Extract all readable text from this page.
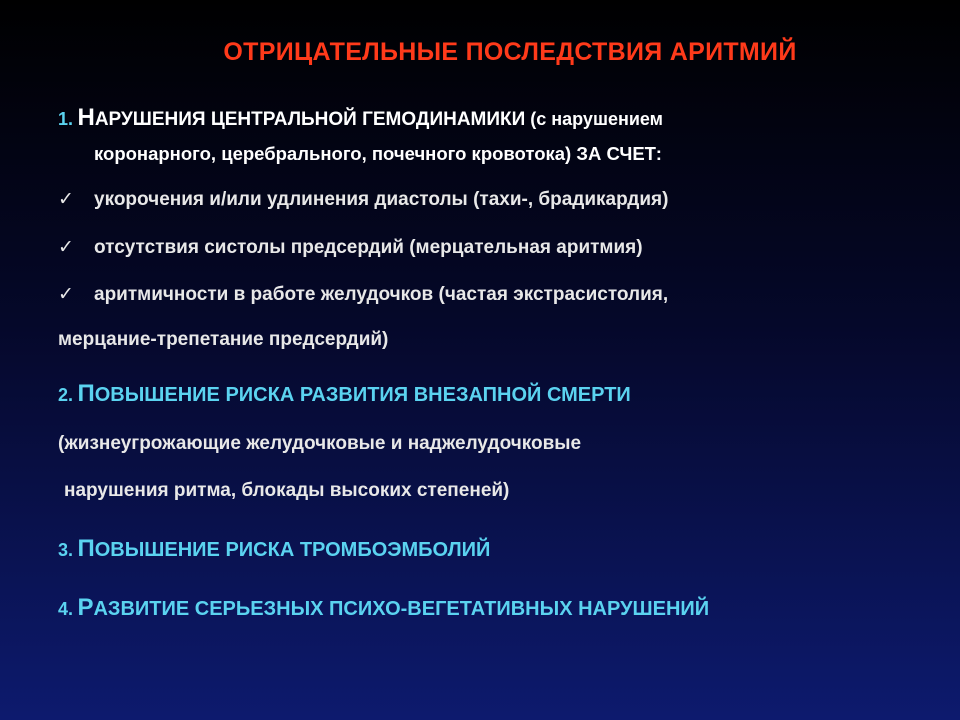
ОТРИЦАТЕЛЬНЫЕ ПОСЛЕДСТВИЯ АРИТМИЙ
1. НАРУШЕНИЯ ЦЕНТРАЛЬНОЙ ГЕМОДИНАМИКИ (с нарушением
коронарного, церебрального, почечного кровотока) ЗА СЧЕТ:
✓ укорочения и/или удлинения диастолы (тахи-, брадикардия)
✓ отсутствия систолы предсердий (мерцательная аритмия)
✓ аритмичности в работе желудочков (частая экстрасистолия,
мерцание-трепетание предсердий)
2. ПОВЫШЕНИЕ РИСКА РАЗВИТИЯ ВНЕЗАПНОЙ СМЕРТИ
(жизнеугрожающие желудочковые и наджелудочковые
нарушения ритма, блокады высоких степеней)
3. ПОВЫШЕНИЕ РИСКА ТРОМБОЭМБОЛИЙ
4. РАЗВИТИЕ СЕРЬЕЗНЫХ ПСИХО-ВЕГЕТАТИВНЫХ НАРУШЕНИЙ
